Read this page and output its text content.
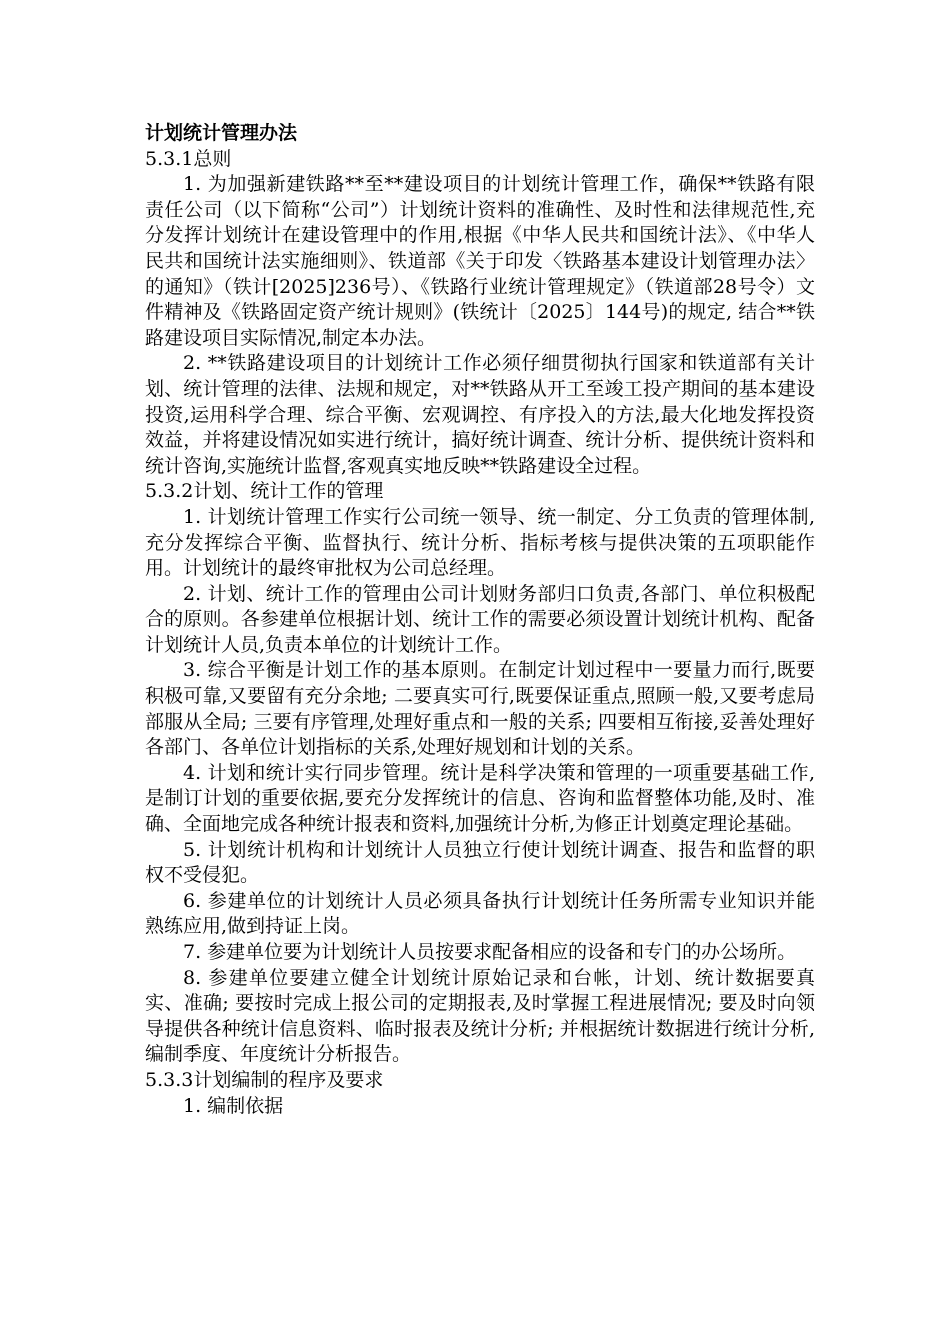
计划统计管理办法

5.3.1总则

1. 为加强新建铁路**至**建设项目的计划统计管理工作，确保**铁路有限责任公司（以下简称“公司”）计划统计资料的准确性、及时性和法律规范性,充分发挥计划统计在建设管理中的作用,根据《中华人民共和国统计法》、《中华人民共和国统计法实施细则》、铁道部《关于印发〈铁路基本建设计划管理办法〉的通知》（铁计[2025]236号）、《铁路行业统计管理规定》（铁道部28号令）文件精神及《铁路固定资产统计规则》(铁统计〔2025〕144号)的规定, 结合**铁路建设项目实际情况,制定本办法。

2. **铁路建设项目的计划统计工作必须仔细贯彻执行国家和铁道部有关计划、统计管理的法律、法规和规定，对**铁路从开工至竣工投产期间的基本建设投资,运用科学合理、综合平衡、宏观调控、有序投入的方法,最大化地发挥投资效益，并将建设情况如实进行统计，搞好统计调查、统计分析、提供统计资料和统计咨询,实施统计监督,客观真实地反映**铁路建设全过程。

5.3.2计划、统计工作的管理

1. 计划统计管理工作实行公司统一领导、统一制定、分工负责的管理体制,充分发挥综合平衡、监督执行、统计分析、指标考核与提供决策的五项职能作用。计划统计的最终审批权为公司总经理。

2. 计划、统计工作的管理由公司计划财务部归口负责,各部门、单位积极配合的原则。各参建单位根据计划、统计工作的需要必须设置计划统计机构、配备计划统计人员,负责本单位的计划统计工作。

3. 综合平衡是计划工作的基本原则。在制定计划过程中一要量力而行,既要积极可靠,又要留有充分余地; 二要真实可行,既要保证重点,照顾一般,又要考虑局部服从全局; 三要有序管理,处理好重点和一般的关系; 四要相互衔接,妥善处理好各部门、各单位计划指标的关系,处理好规划和计划的关系。

4. 计划和统计实行同步管理。统计是科学决策和管理的一项重要基础工作,是制订计划的重要依据,要充分发挥统计的信息、咨询和监督整体功能,及时、准确、全面地完成各种统计报表和资料,加强统计分析,为修正计划奠定理论基础。

5. 计划统计机构和计划统计人员独立行使计划统计调查、报告和监督的职权不受侵犯。

6. 参建单位的计划统计人员必须具备执行计划统计任务所需专业知识并能熟练应用,做到持证上岗。

7. 参建单位要为计划统计人员按要求配备相应的设备和专门的办公场所。

8. 参建单位要建立健全计划统计原始记录和台帐，计划、统计数据要真实、准确; 要按时完成上报公司的定期报表,及时掌握工程进展情况; 要及时向领导提供各种统计信息资料、临时报表及统计分析; 并根据统计数据进行统计分析,编制季度、年度统计分析报告。

5.3.3计划编制的程序及要求

1. 编制依据
